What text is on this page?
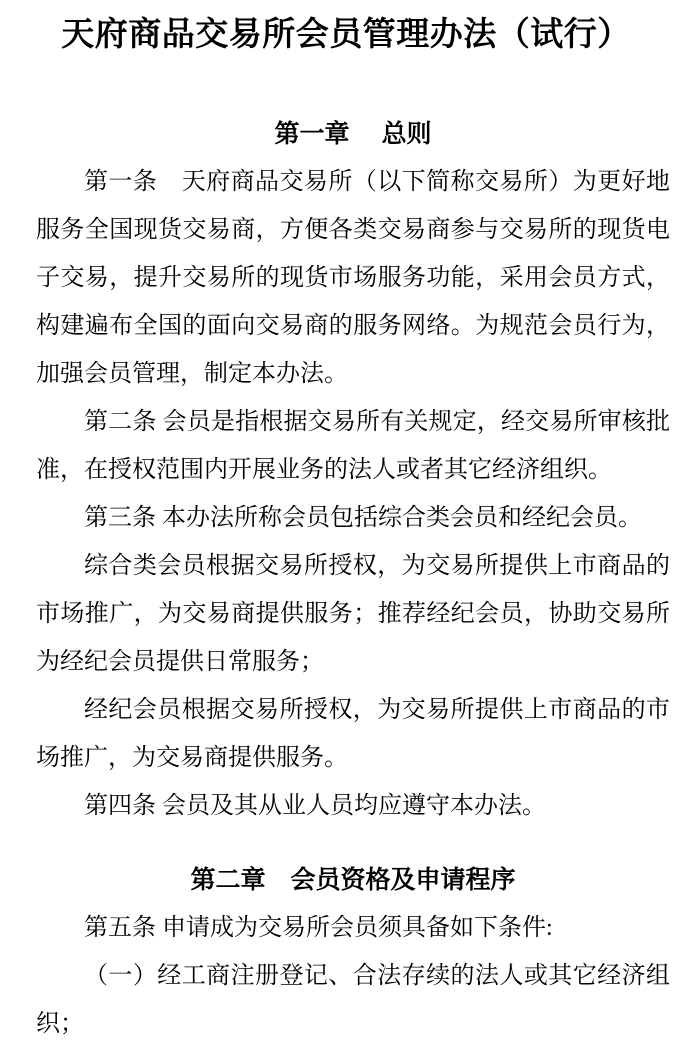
天府商品交易所会员管理办法（试行）
第一章　 总则

第一条　天府商品交易所（以下简称交易所）为更好地服务全国现货交易商，方便各类交易商参与交易所的现货电子交易，提升交易所的现货市场服务功能，采用会员方式，构建遍布全国的面向交易商的服务网络。为规范会员行为，加强会员管理，制定本办法。

第二条 会员是指根据交易所有关规定，经交易所审核批准，在授权范围内开展业务的法人或者其它经济组织。

第三条 本办法所称会员包括综合类会员和经纪会员。

综合类会员根据交易所授权，为交易所提供上市商品的市场推广，为交易商提供服务；推荐经纪会员，协助交易所为经纪会员提供日常服务；

经纪会员根据交易所授权，为交易所提供上市商品的市场推广，为交易商提供服务。

第四条 会员及其从业人员均应遵守本办法。

第二章　会员资格及申请程序

第五条 申请成为交易所会员须具备如下条件:

（一）经工商注册登记、合法存续的法人或其它经济组织；
